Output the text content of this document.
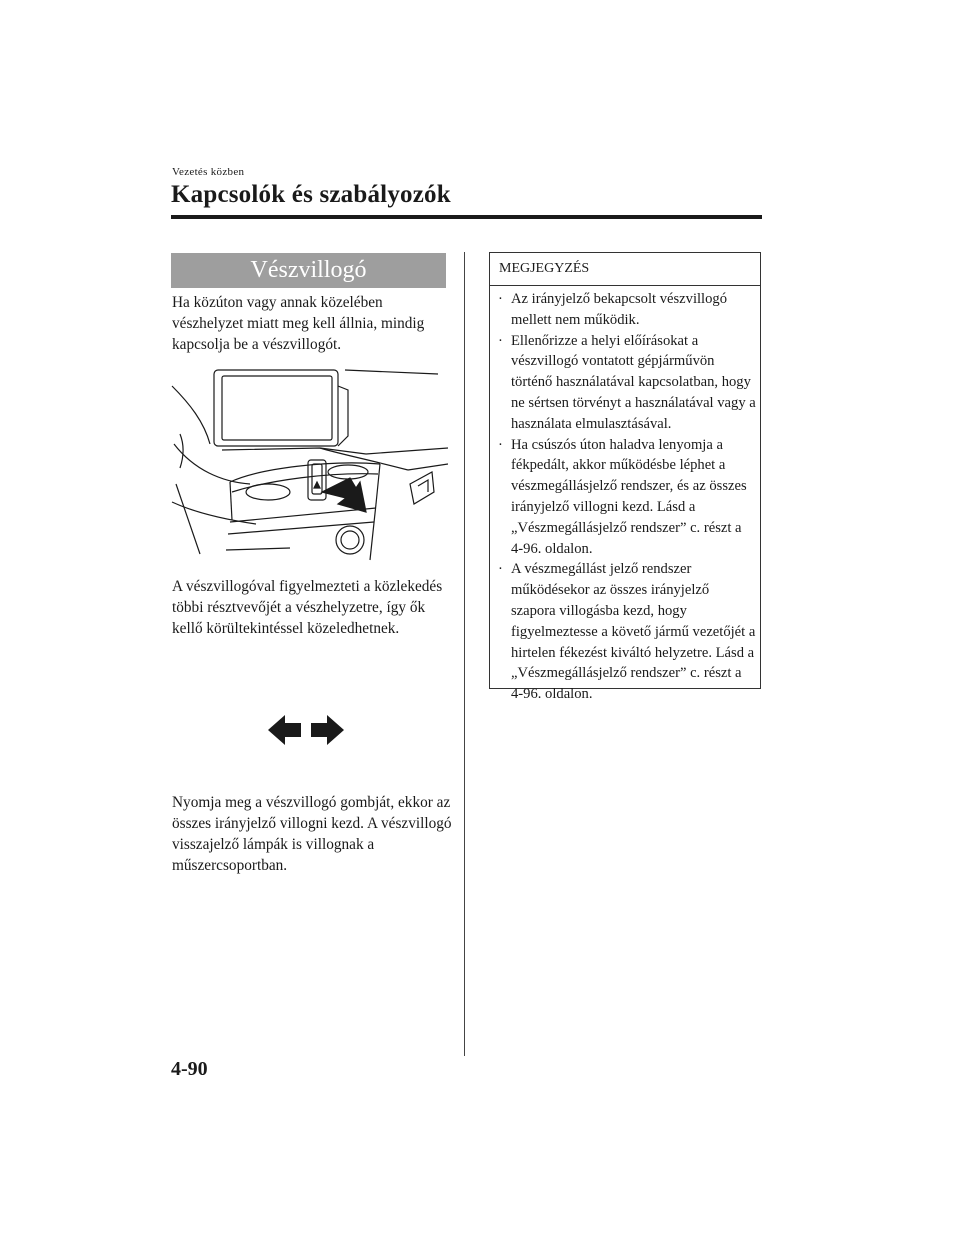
Vezetés közben
Kapcsolók és szabályozók
Vészvillogó
Ha közúton vagy annak közelében vészhelyzet miatt meg kell állnia, mindig kapcsolja be a vészvillogót.
A vészvillogóval figyelmezteti a közlekedés többi résztvevőjét a vészhelyzetre, így ők kellő körültekintéssel közeledhetnek.
Nyomja meg a vészvillogó gombját, ekkor az összes irányjelző villogni kezd. A vészvillogó visszajelző lámpák is villognak a műszercsoportban.
MEGJEGYZÉS
· Az irányjelző bekapcsolt vészvillogó mellett nem működik.
· Ellenőrizze a helyi előírásokat a vészvillogó vontatott gépjárművön történő használatával kapcsolatban, hogy ne sértsen törvényt a használatával vagy a használata elmulasztásával.
· Ha csúszós úton haladva lenyomja a fékpedált, akkor működésbe léphet a vészmegállásjelző rendszer, és az összes irányjelző villogni kezd. Lásd a „Vészmegállásjelző rendszer” c. részt a 4-96. oldalon.
· A vészmegállást jelző rendszer működésekor az összes irányjelző szapora villogásba kezd, hogy figyelmeztesse a követő jármű vezetőjét a hirtelen fékezést kiváltó helyzetre. Lásd a „Vészmegállásjelző rendszer” c. részt a 4-96. oldalon.
4-90
